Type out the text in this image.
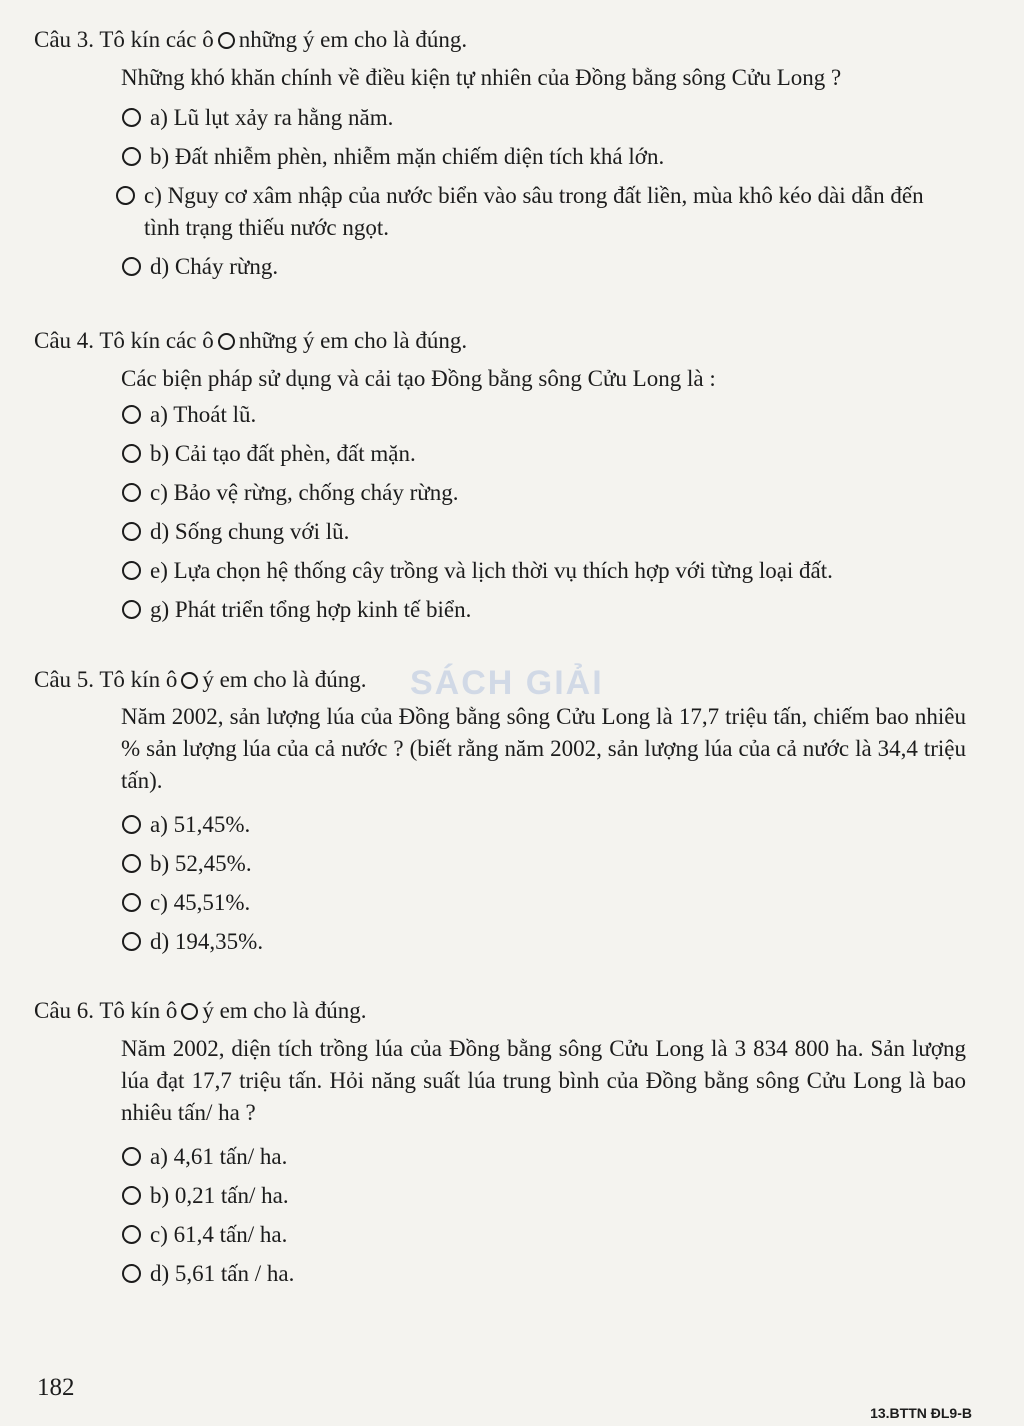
Câu 3. Tô kín các ô những ý em cho là đúng.
Những khó khăn chính về điều kiện tự nhiên của Đồng bằng sông Cửu Long ?
a) Lũ lụt xảy ra hằng năm.
b) Đất nhiễm phèn, nhiễm mặn chiếm diện tích khá lớn.
c) Nguy cơ xâm nhập của nước biển vào sâu trong đất liền, mùa khô kéo dài dẫn đến tình trạng thiếu nước ngọt.
d) Cháy rừng.
Câu 4. Tô kín các ô những ý em cho là đúng.
Các biện pháp sử dụng và cải tạo Đồng bằng sông Cửu Long là :
a) Thoát lũ.
b) Cải tạo đất phèn, đất mặn.
c) Bảo vệ rừng, chống cháy rừng.
d) Sống chung với lũ.
e) Lựa chọn hệ thống cây trồng và lịch thời vụ thích hợp với từng loại đất.
g) Phát triển tổng hợp kinh tế biển.
Câu 5. Tô kín ô ý em cho là đúng.
Năm 2002, sản lượng lúa của Đồng bằng sông Cửu Long là 17,7 triệu tấn, chiếm bao nhiêu % sản lượng lúa của cả nước ? (biết rằng năm 2002, sản lượng lúa của cả nước là 34,4 triệu tấn).
a) 51,45%.
b) 52,45%.
c) 45,51%.
d) 194,35%.
Câu 6. Tô kín ô ý em cho là đúng.
Năm 2002, diện tích trồng lúa của Đồng bằng sông Cửu Long là 3 834 800 ha. Sản lượng lúa đạt 17,7 triệu tấn. Hỏi năng suất lúa trung bình của Đồng bằng sông Cửu Long là bao nhiêu tấn/ ha ?
a) 4,61 tấn/ ha.
b) 0,21 tấn/ ha.
c) 61,4 tấn/ ha.
d) 5,61 tấn / ha.
SÁCH GIẢI
182
13.BTTN ĐL9-B
